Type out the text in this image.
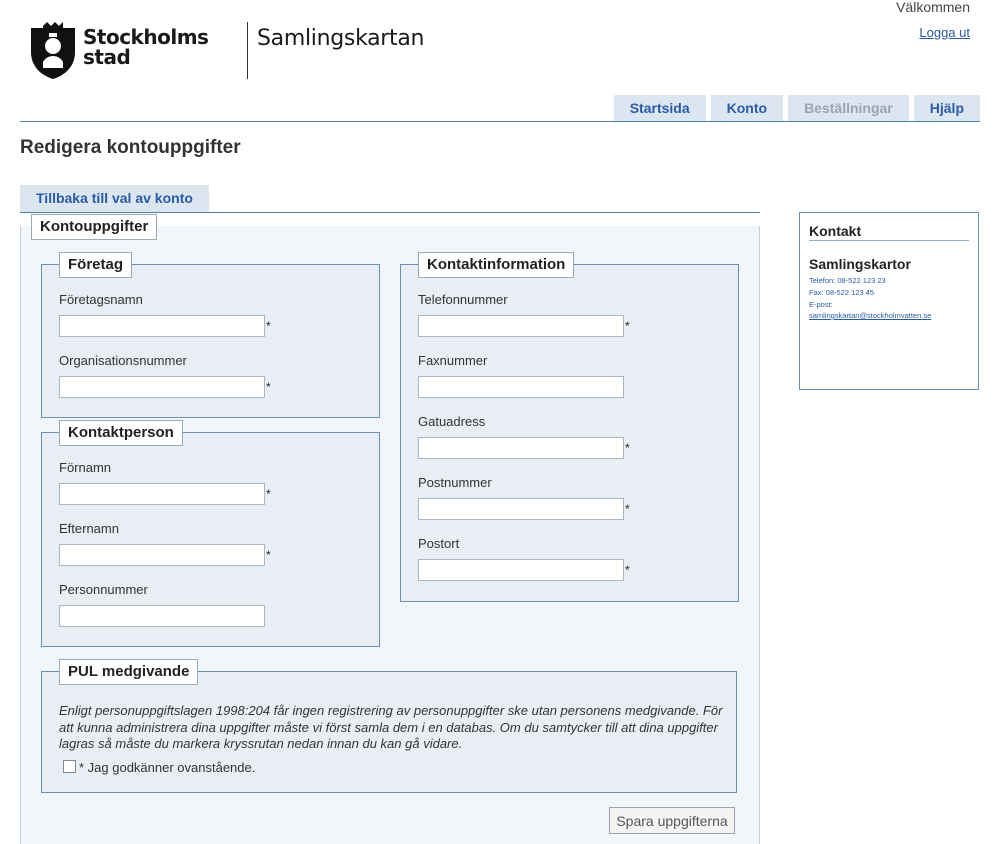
Stockholms
stad
Samlingskartan
Välkommen
Logga ut
Startsida	Konto	Beställningar	Hjälp
Redigera kontouppgifter
Tillbaka till val av konto
Kontouppgifter
Företag
Företagsnamn
*
Organisationsnummer
*
Kontaktperson
Förnamn
*
Efternamn
*
Personnummer
Kontaktinformation
Telefonnummer
*
Faxnummer
Gatuadress
*
Postnummer
*
Postort
*
PUL medgivande
Enligt personuppgiftslagen 1998:204 får ingen registrering av personuppgifter ske utan personens medgivande. För att kunna administrera dina uppgifter måste vi först samla dem i en databas. Om du samtycker till att dina uppgifter lagras så måste du markera kryssrutan nedan innan du kan gå vidare.
* Jag godkänner ovanstående.
Spara uppgifterna
Kontakt
Samlingskartor
Telefon: 08-522 123 23
Fax: 08-522 123 45
E-post:
samlingskartan@stockholmvatten.se
